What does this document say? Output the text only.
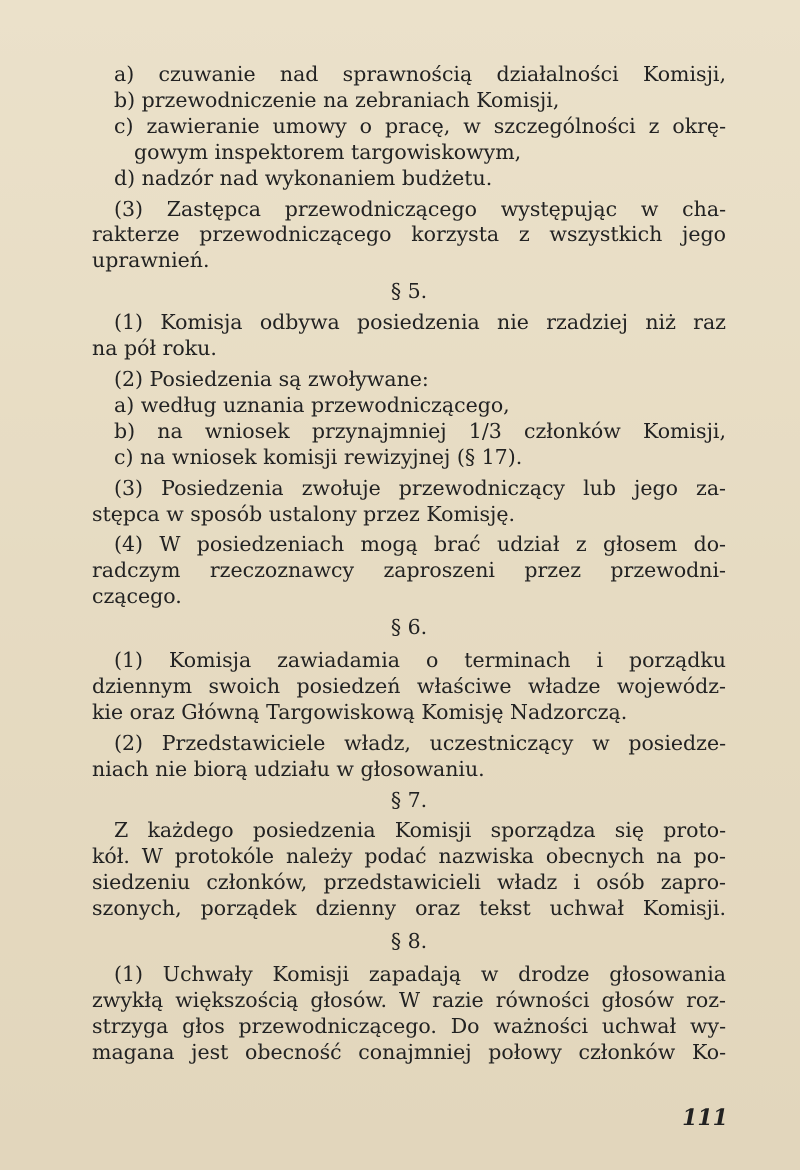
a) czuwanie nad sprawnością działalności Komisji,

b) przewodniczenie na zebraniach Komisji,

c) zawieranie umowy o pracę, w szczególności z okrę-

gowym inspektorem targowiskowym,

d) nadzór nad wykonaniem budżetu.

(3) Zastępca przewodniczącego występując w cha-

rakterze przewodniczącego korzysta z wszystkich jego

uprawnień.

§ 5.

(1) Komisja odbywa posiedzenia nie rzadziej niż raz

na pół roku.

(2) Posiedzenia są zwoływane:

a) według uznania przewodniczącego,

b) na wniosek przynajmniej 1/3 członków Komisji,

c) na wniosek komisji rewizyjnej (§ 17).

(3) Posiedzenia zwołuje przewodniczący lub jego za-

stępca w sposób ustalony przez Komisję.

(4) W posiedzeniach mogą brać udział z głosem do-

radczym rzeczoznawcy zaproszeni przez przewodni-

czącego.

§ 6.

(1) Komisja zawiadamia o terminach i porządku

dziennym swoich posiedzeń właściwe władze wojewódz-

kie oraz Główną Targowiskową Komisję Nadzorczą.

(2) Przedstawiciele władz, uczestniczący w posiedze-

niach nie biorą udziału w głosowaniu.

§ 7.

Z każdego posiedzenia Komisji sporządza się proto-

kół. W protokóle należy podać nazwiska obecnych na po-

siedzeniu członków, przedstawicieli władz i osób zapro-

szonych, porządek dzienny oraz tekst uchwał Komisji.

§ 8.

(1) Uchwały Komisji zapadają w drodze głosowania

zwykłą większością głosów. W razie równości głosów roz-

strzyga głos przewodniczącego. Do ważności uchwał wy-

magana jest obecność conajmniej połowy członków Ko-

111
